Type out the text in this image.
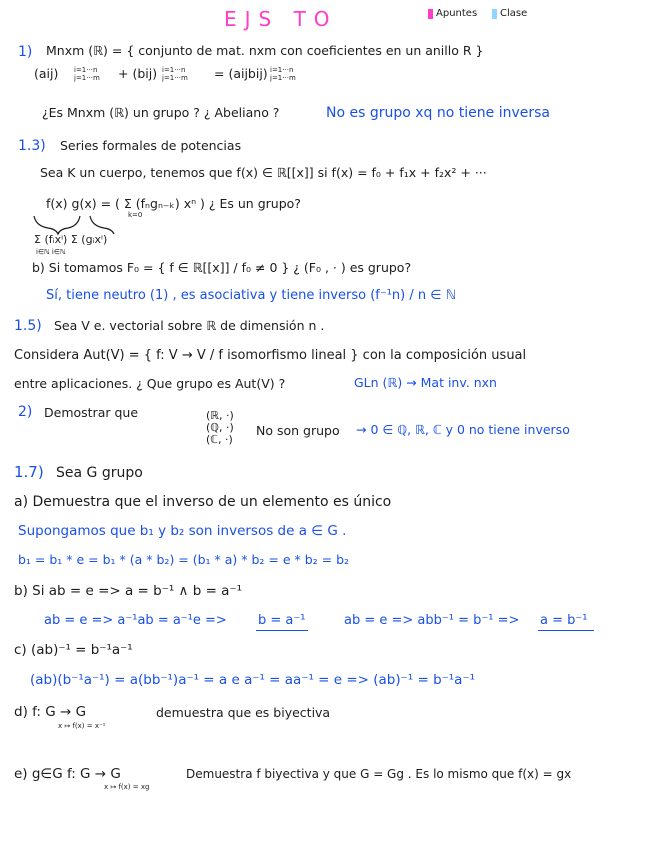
EJS TO	Apuntes Clase
1) Mnxm (ℝ) = { conjunto de mat. nxm con coeficientes en un anillo R }
(aij) i=1···n
j=1···m + (bij) i=1···n
j=1···m = (aijbij) i=1···n
j=1···m
¿Es Mnxm (ℝ) un grupo ? ¿ Abeliano ?	No es grupo xq no tiene inversa
1.3) Series formales de potencias
Sea K un cuerpo, tenemos que f(x) ∈ ℝ[[x]] si f(x) = f₀ + f₁x + f₂x² + ···
f(x) g(x) = ( Σ (fₙgₙ₋ₖ) xⁿ ) ¿ Es un grupo?
k=0
Σ (fᵢxⁱ) Σ (gᵢxⁱ)
i∈ℕ i∈ℕ
b) Si tomamos F₀ = { f ∈ ℝ[[x]] / f₀ ≠ 0 } ¿ (F₀ , · ) es grupo?
Sí, tiene neutro (1) , es asociativa y tiene inverso (f⁻¹n) / n ∈ ℕ
1.5) Sea V e. vectorial sobre ℝ de dimensión n .
Considera Aut(V) = { f: V → V / f isomorfismo lineal } con la composición usual
entre aplicaciones. ¿ Que grupo es Aut(V) ?	GLn (ℝ) → Mat inv. nxn
2) Demostrar que	(ℝ, ·)
(ℚ, ·)
(ℂ, ·)
No son grupo → 0 ∈ ℚ, ℝ, ℂ y 0 no tiene inverso
1.7) Sea G grupo
a) Demuestra que el inverso de un elemento es único
Supongamos que b₁ y b₂ son inversos de a ∈ G .
b₁ = b₁ * e = b₁ * (a * b₂) = (b₁ * a) * b₂ = e * b₂ = b₂
b) Si ab = e => a = b⁻¹ ∧ b = a⁻¹
ab = e => a⁻¹ab = a⁻¹e => b = a⁻¹	ab = e => abb⁻¹ = b⁻¹ => a = b⁻¹
c) (ab)⁻¹ = b⁻¹a⁻¹
(ab)(b⁻¹a⁻¹) = a(bb⁻¹)a⁻¹ = a e a⁻¹ = aa⁻¹ = e => (ab)⁻¹ = b⁻¹a⁻¹
d) f: G → G
x ↦ f(x) = x⁻¹
demuestra que es biyectiva
e) g∈G f: G → G
x ↦ f(x) = xg
Demuestra f biyectiva y que G = Gg . Es lo mismo que f(x) = gx
